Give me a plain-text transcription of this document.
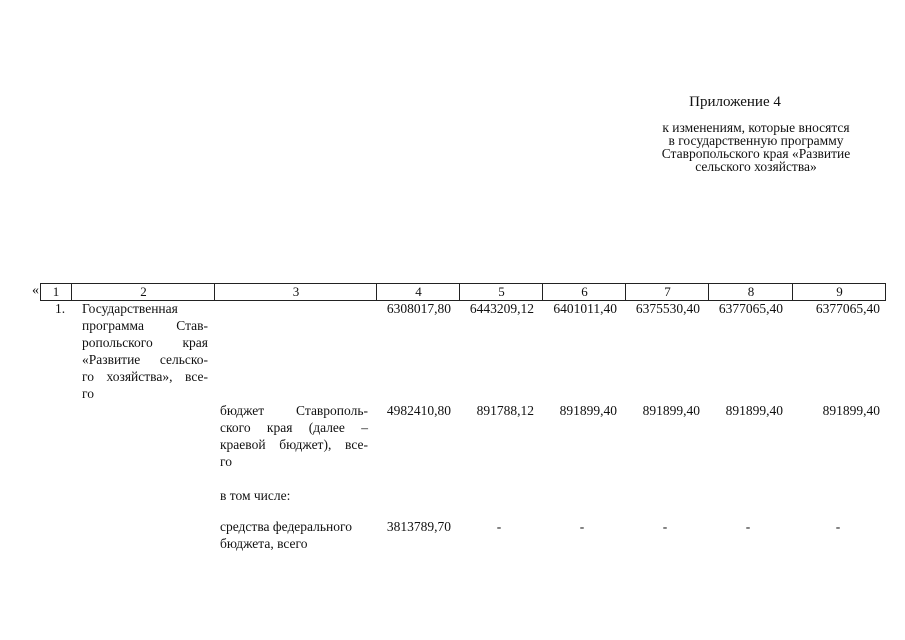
Приложение 4
к изменениям, которые вносятся
в государственную программу
Ставропольского края «Развитие
сельского хозяйства»
«	1	2	3	4	5	6	7	8	9
1. Государственная
программа Став-
ропольского края
«Развитие сельско-
го хозяйства», все-
го
6308017,80	6443209,12	6401011,40	6375530,40	6377065,40	6377065,40
бюджет Ставрополь-
ского края (далее –
краевой бюджет), все-
го
4982410,80	891788,12	891899,40	891899,40	891899,40	891899,40
в том числе:
средства федерального
бюджета, всего
3813789,70	-	-	-	-	-
